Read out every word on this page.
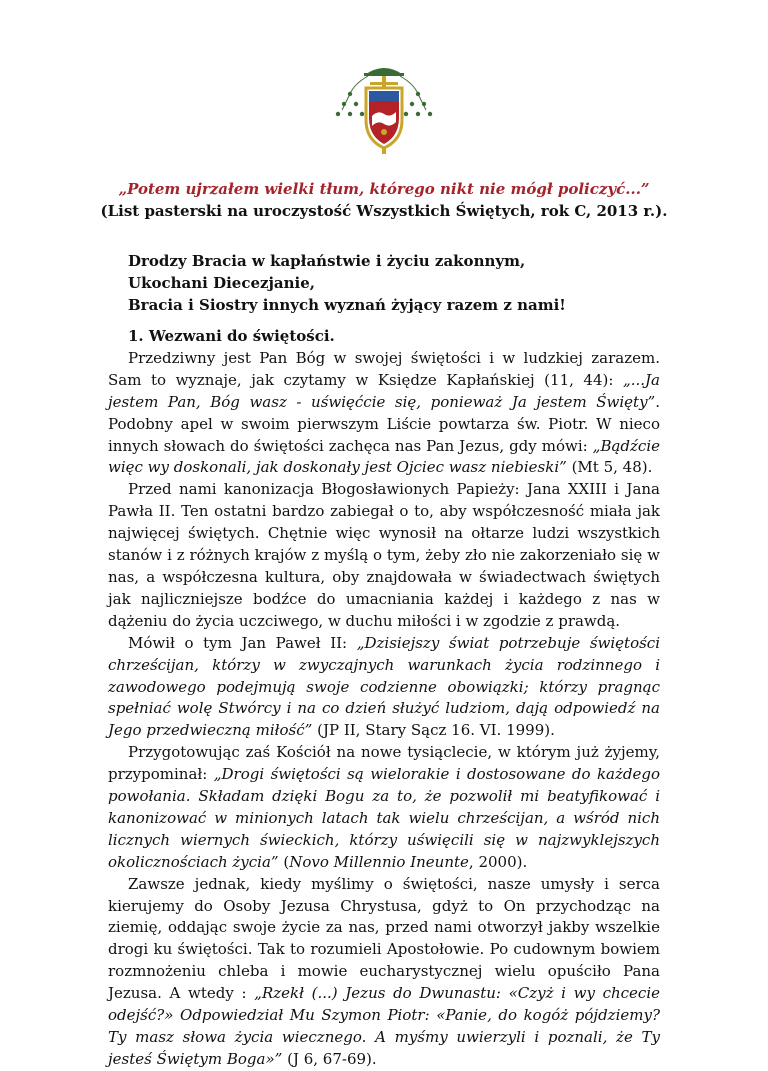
„Potem ujrzałem wielki tłum, którego nikt nie mógł policzyć...”
(List pasterski na uroczystość Wszystkich Świętych, rok C, 2013 r.).
Drodzy Bracia w kapłaństwie i życiu zakonnym,
Ukochani Diecezjanie,
Bracia i Siostry innych wyznań żyjący razem z nami!

1. Wezwani do świętości.

Przedziwny jest Pan Bóg w swojej świętości i w ludzkiej zarazem. Sam to wyznaje, jak czytamy w Księdze Kapłańskiej (11, 44): „...Ja jestem Pan, Bóg wasz - uświęćcie się, ponieważ Ja jestem Święty”. Podobny apel w swoim pierwszym Liście powtarza św. Piotr. W nieco innych słowach do świętości zachęca nas Pan Jezus, gdy mówi: „Bądźcie więc wy doskonali, jak doskonały jest Ojciec wasz niebieski” (Mt 5, 48).

Przed nami kanonizacja Błogosławionych Papieży: Jana XXIII i Jana Pawła II. Ten ostatni bardzo zabiegał o to, aby współczesność miała jak najwięcej świętych. Chętnie więc wynosił na ołtarze ludzi wszystkich stanów i z różnych krajów z myślą o tym, żeby zło nie zakorzeniało się w nas, a współczesna kultura, oby znajdowała w świadectwach świętych jak najliczniejsze bodźce do umacniania każdej i każdego z nas w dążeniu do życia uczciwego, w duchu miłości i w zgodzie z prawdą.

Mówił o tym Jan Paweł II: „Dzisiejszy świat potrzebuje świętości chrześcijan, którzy w zwyczajnych warunkach życia rodzinnego i zawodowego podejmują swoje codzienne obowiązki; którzy pragnąc spełniać wolę Stwórcy i na co dzień służyć ludziom, dają odpowiedź na Jego przedwieczną miłość” (JP II, Stary Sącz 16. VI. 1999).

Przygotowując zaś Kościół na nowe tysiąclecie, w którym już żyjemy, przypominał: „Drogi świętości są wielorakie i dostosowane do każdego powołania. Składam dzięki Bogu za to, że pozwolił mi beatyfikować i kanonizować w minionych latach tak wielu chrześcijan, a wśród nich licznych wiernych świeckich, którzy uświęcili się w najzwyklejszych okolicznościach życia” (Novo Millennio Ineunte, 2000).

Zawsze jednak, kiedy myślimy o świętości, nasze umysły i serca kierujemy do Osoby Jezusa Chrystusa, gdyż to On przychodząc na ziemię, oddając swoje życie za nas, przed nami otworzył jakby wszelkie drogi ku świętości. Tak to rozumieli Apostołowie. Po cudownym bowiem rozmnożeniu chleba i mowie eucharystycznej wielu opuściło Pana Jezusa. A wtedy : „Rzekł (...) Jezus do Dwunastu: «Czyż i wy chcecie odejść?» Odpowiedział Mu Szymon Piotr: «Panie, do kogóż pójdziemy? Ty masz słowa życia wiecznego. A myśmy uwierzyli i poznali, że Ty jesteś Świętym Boga»” (J 6, 67-69).
